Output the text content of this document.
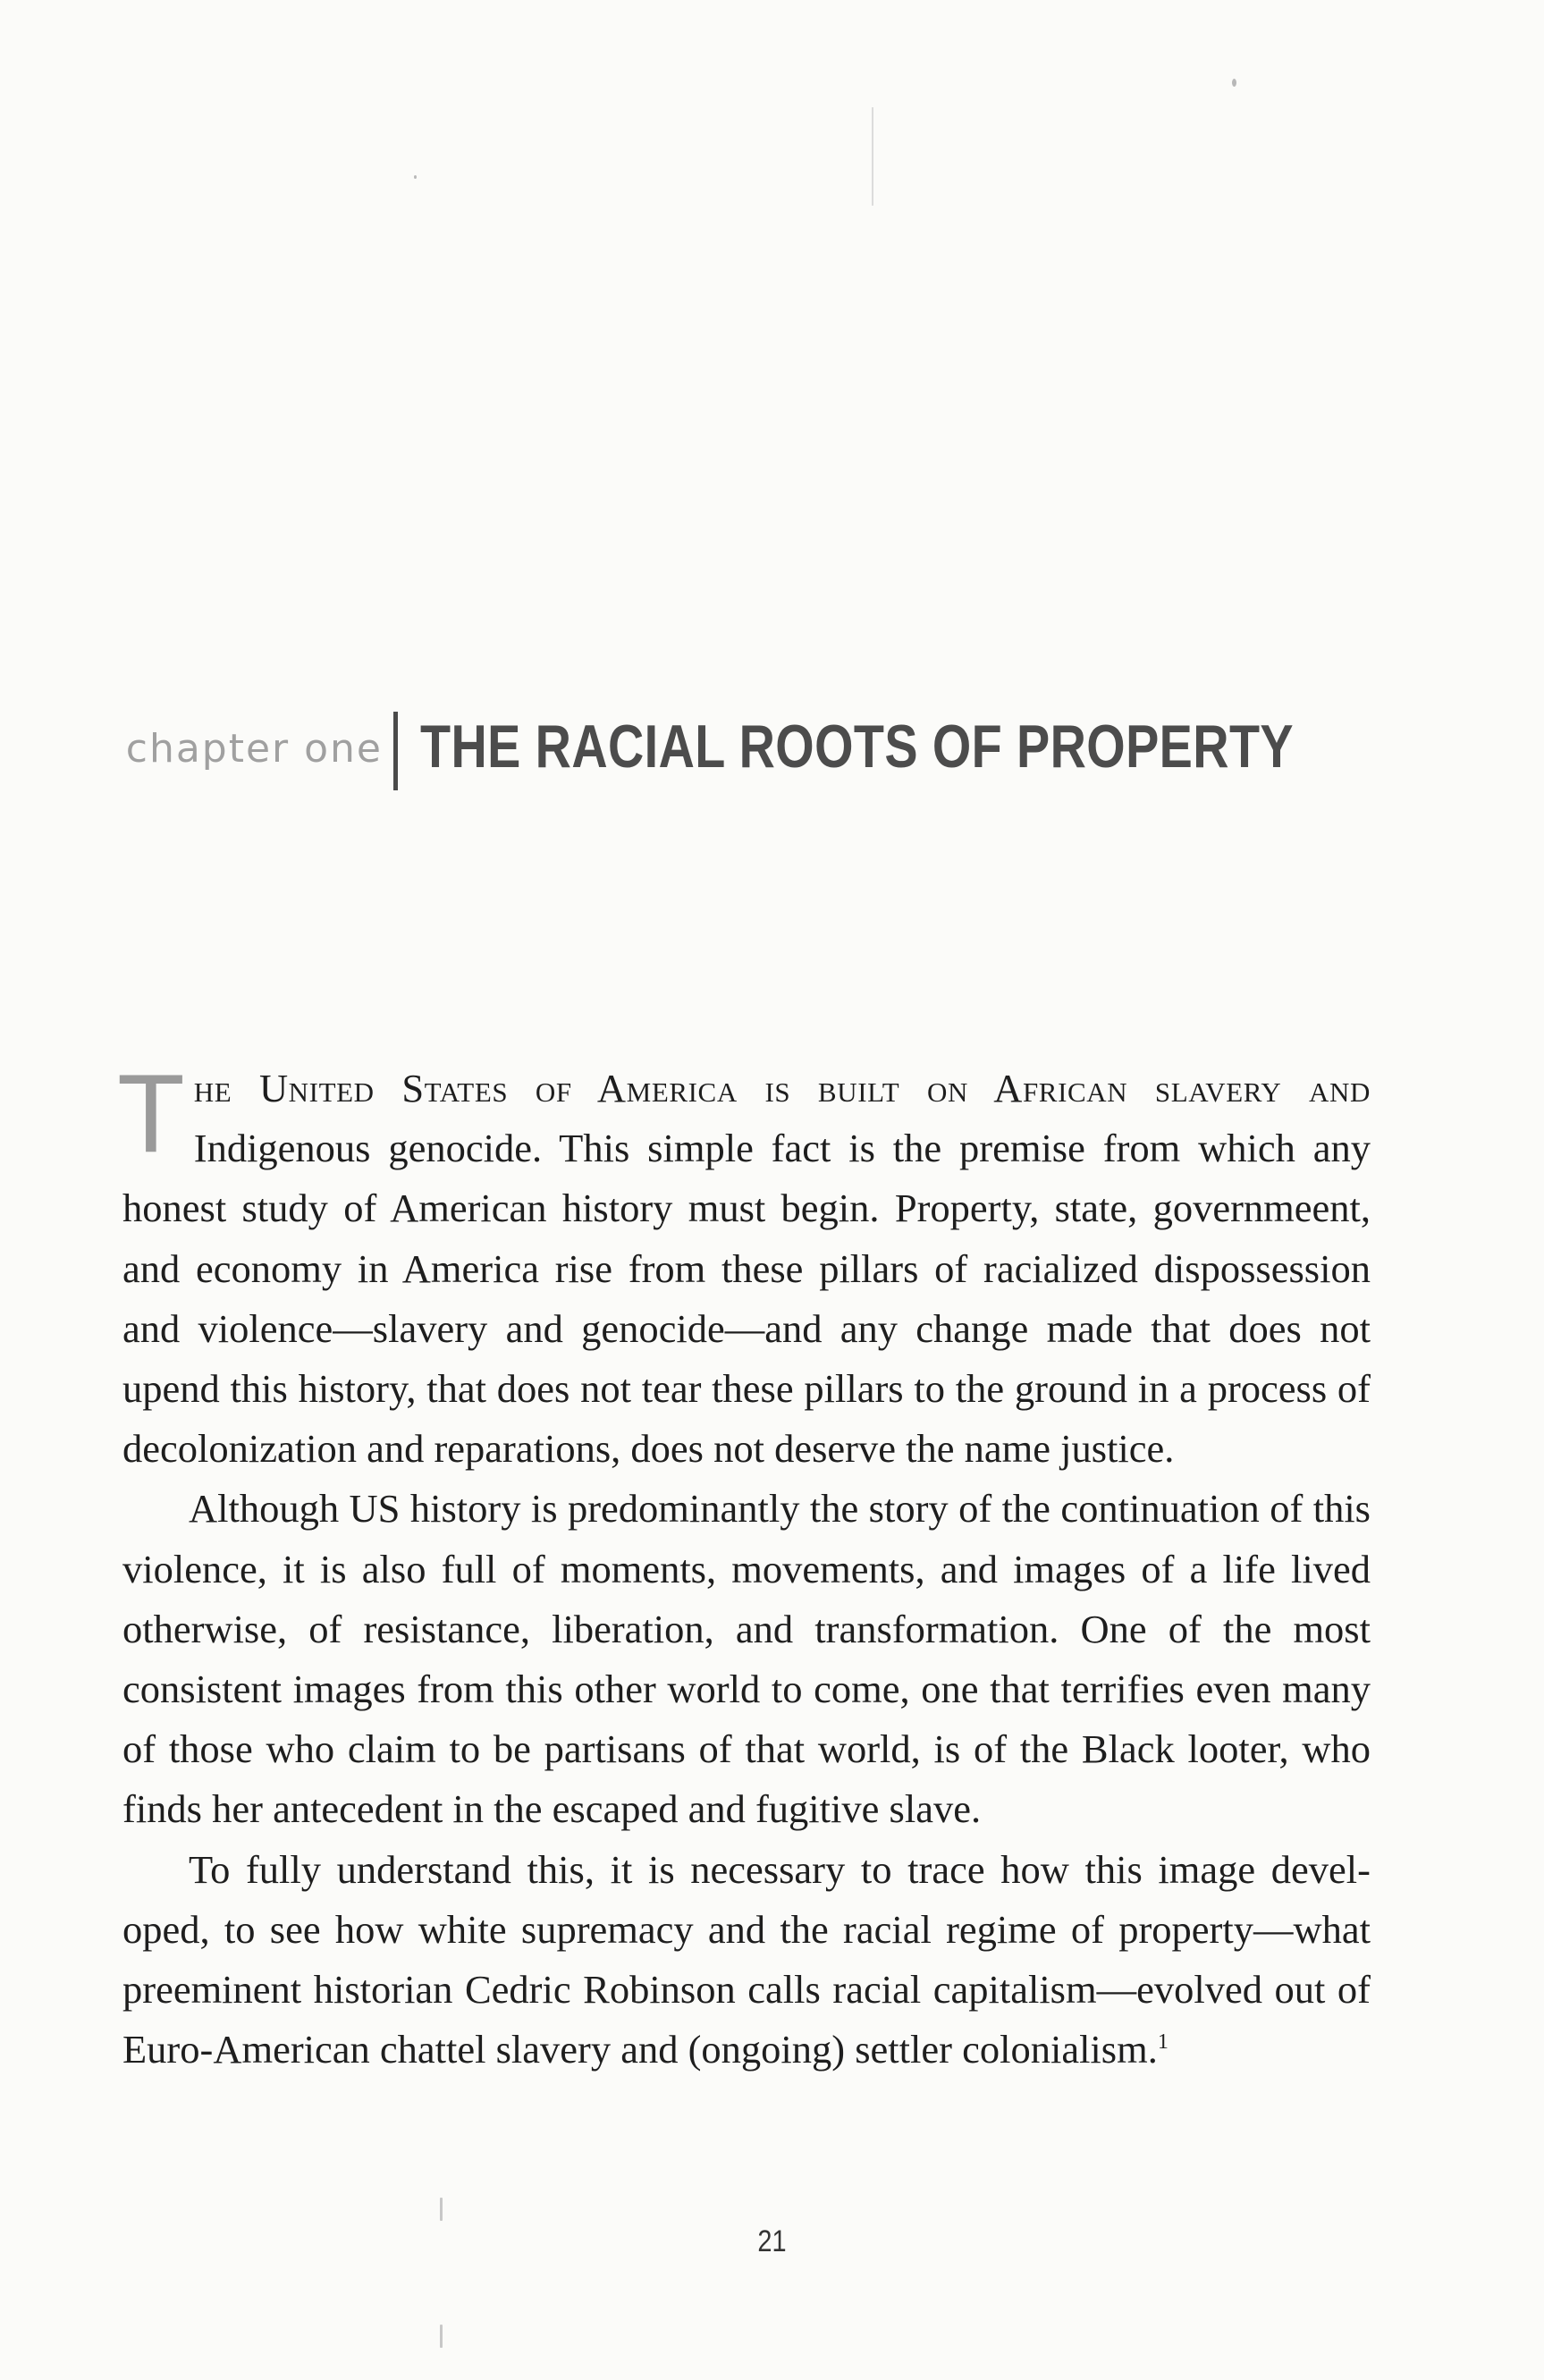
chapter one THE RACIAL ROOTS OF PROPERTY

The United States of America is built on African slavery and Indigenous genocide. This simple fact is the premise from which any honest study of American history must begin. Property, state, governmeent, and economy in America rise from these pillars of racialized dispossession and violence—slavery and genocide—and any change made that does not upend this history, that does not tear these pillars to the ground in a process of decolonization and reparations, does not deserve the name justice.

Although US history is predominantly the story of the continuation of this violence, it is also full of moments, movements, and images of a life lived otherwise, of resistance, liberation, and transformation. One of the most consistent images from this other world to come, one that terrifies even many of those who claim to be partisans of that world, is of the Black looter, who finds her antecedent in the escaped and fugitive slave.

To fully understand this, it is necessary to trace how this image developed, to see how white supremacy and the racial regime of property—what preeminent historian Cedric Robinson calls racial capitalism—evolved out of Euro-American chattel slavery and (ongoing) settler colonialism.$^1$

21
